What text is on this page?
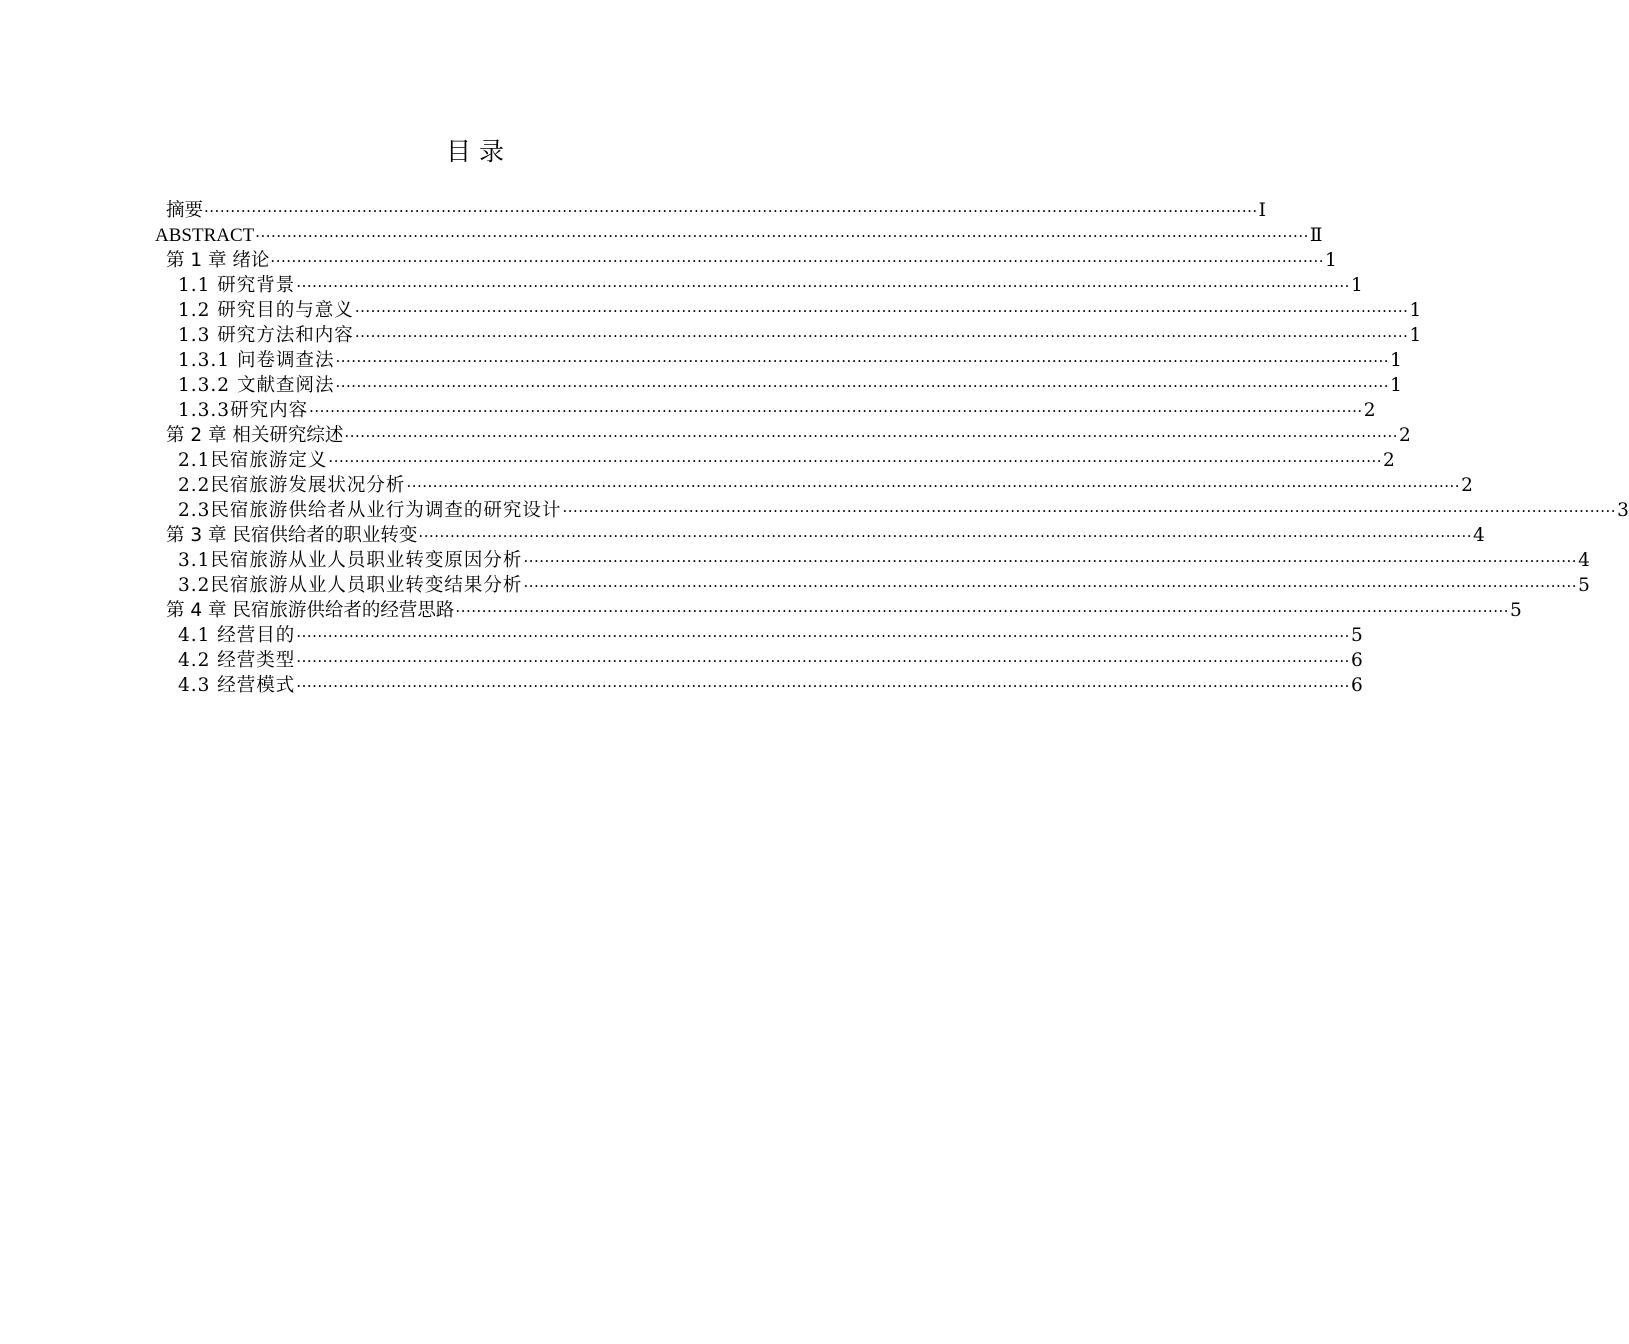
目 录
摘要 ········································································································································································································ Ⅰ
ABSTRACT ········································································································································································································ Ⅱ
第 1 章 绪论 ········································································································································································································ 1
1.1 研究背景 ········································································································································································································ 1
1.2 研究目的与意义 ········································································································································································································ 1
1.3 研究方法和内容 ········································································································································································································ 1
1.3.1 问卷调查法 ········································································································································································································ 1
1.3.2 文献查阅法 ········································································································································································································ 1
1.3.3研究内容 ········································································································································································································ 2
第 2 章 相关研究综述 ········································································································································································································ 2
2.1民宿旅游定义 ········································································································································································································ 2
2.2民宿旅游发展状况分析 ········································································································································································································ 2
2.3民宿旅游供给者从业行为调查的研究设计 ········································································································································································································ 3
第 3 章 民宿供给者的职业转变 ········································································································································································································ 4
3.1民宿旅游从业人员职业转变原因分析 ········································································································································································································ 4
3.2民宿旅游从业人员职业转变结果分析 ········································································································································································································ 5
第 4 章 民宿旅游供给者的经营思路 ········································································································································································································ 5
4.1 经营目的 ········································································································································································································ 5
4.2 经营类型 ········································································································································································································ 6
4.3 经营模式 ········································································································································································································ 6
